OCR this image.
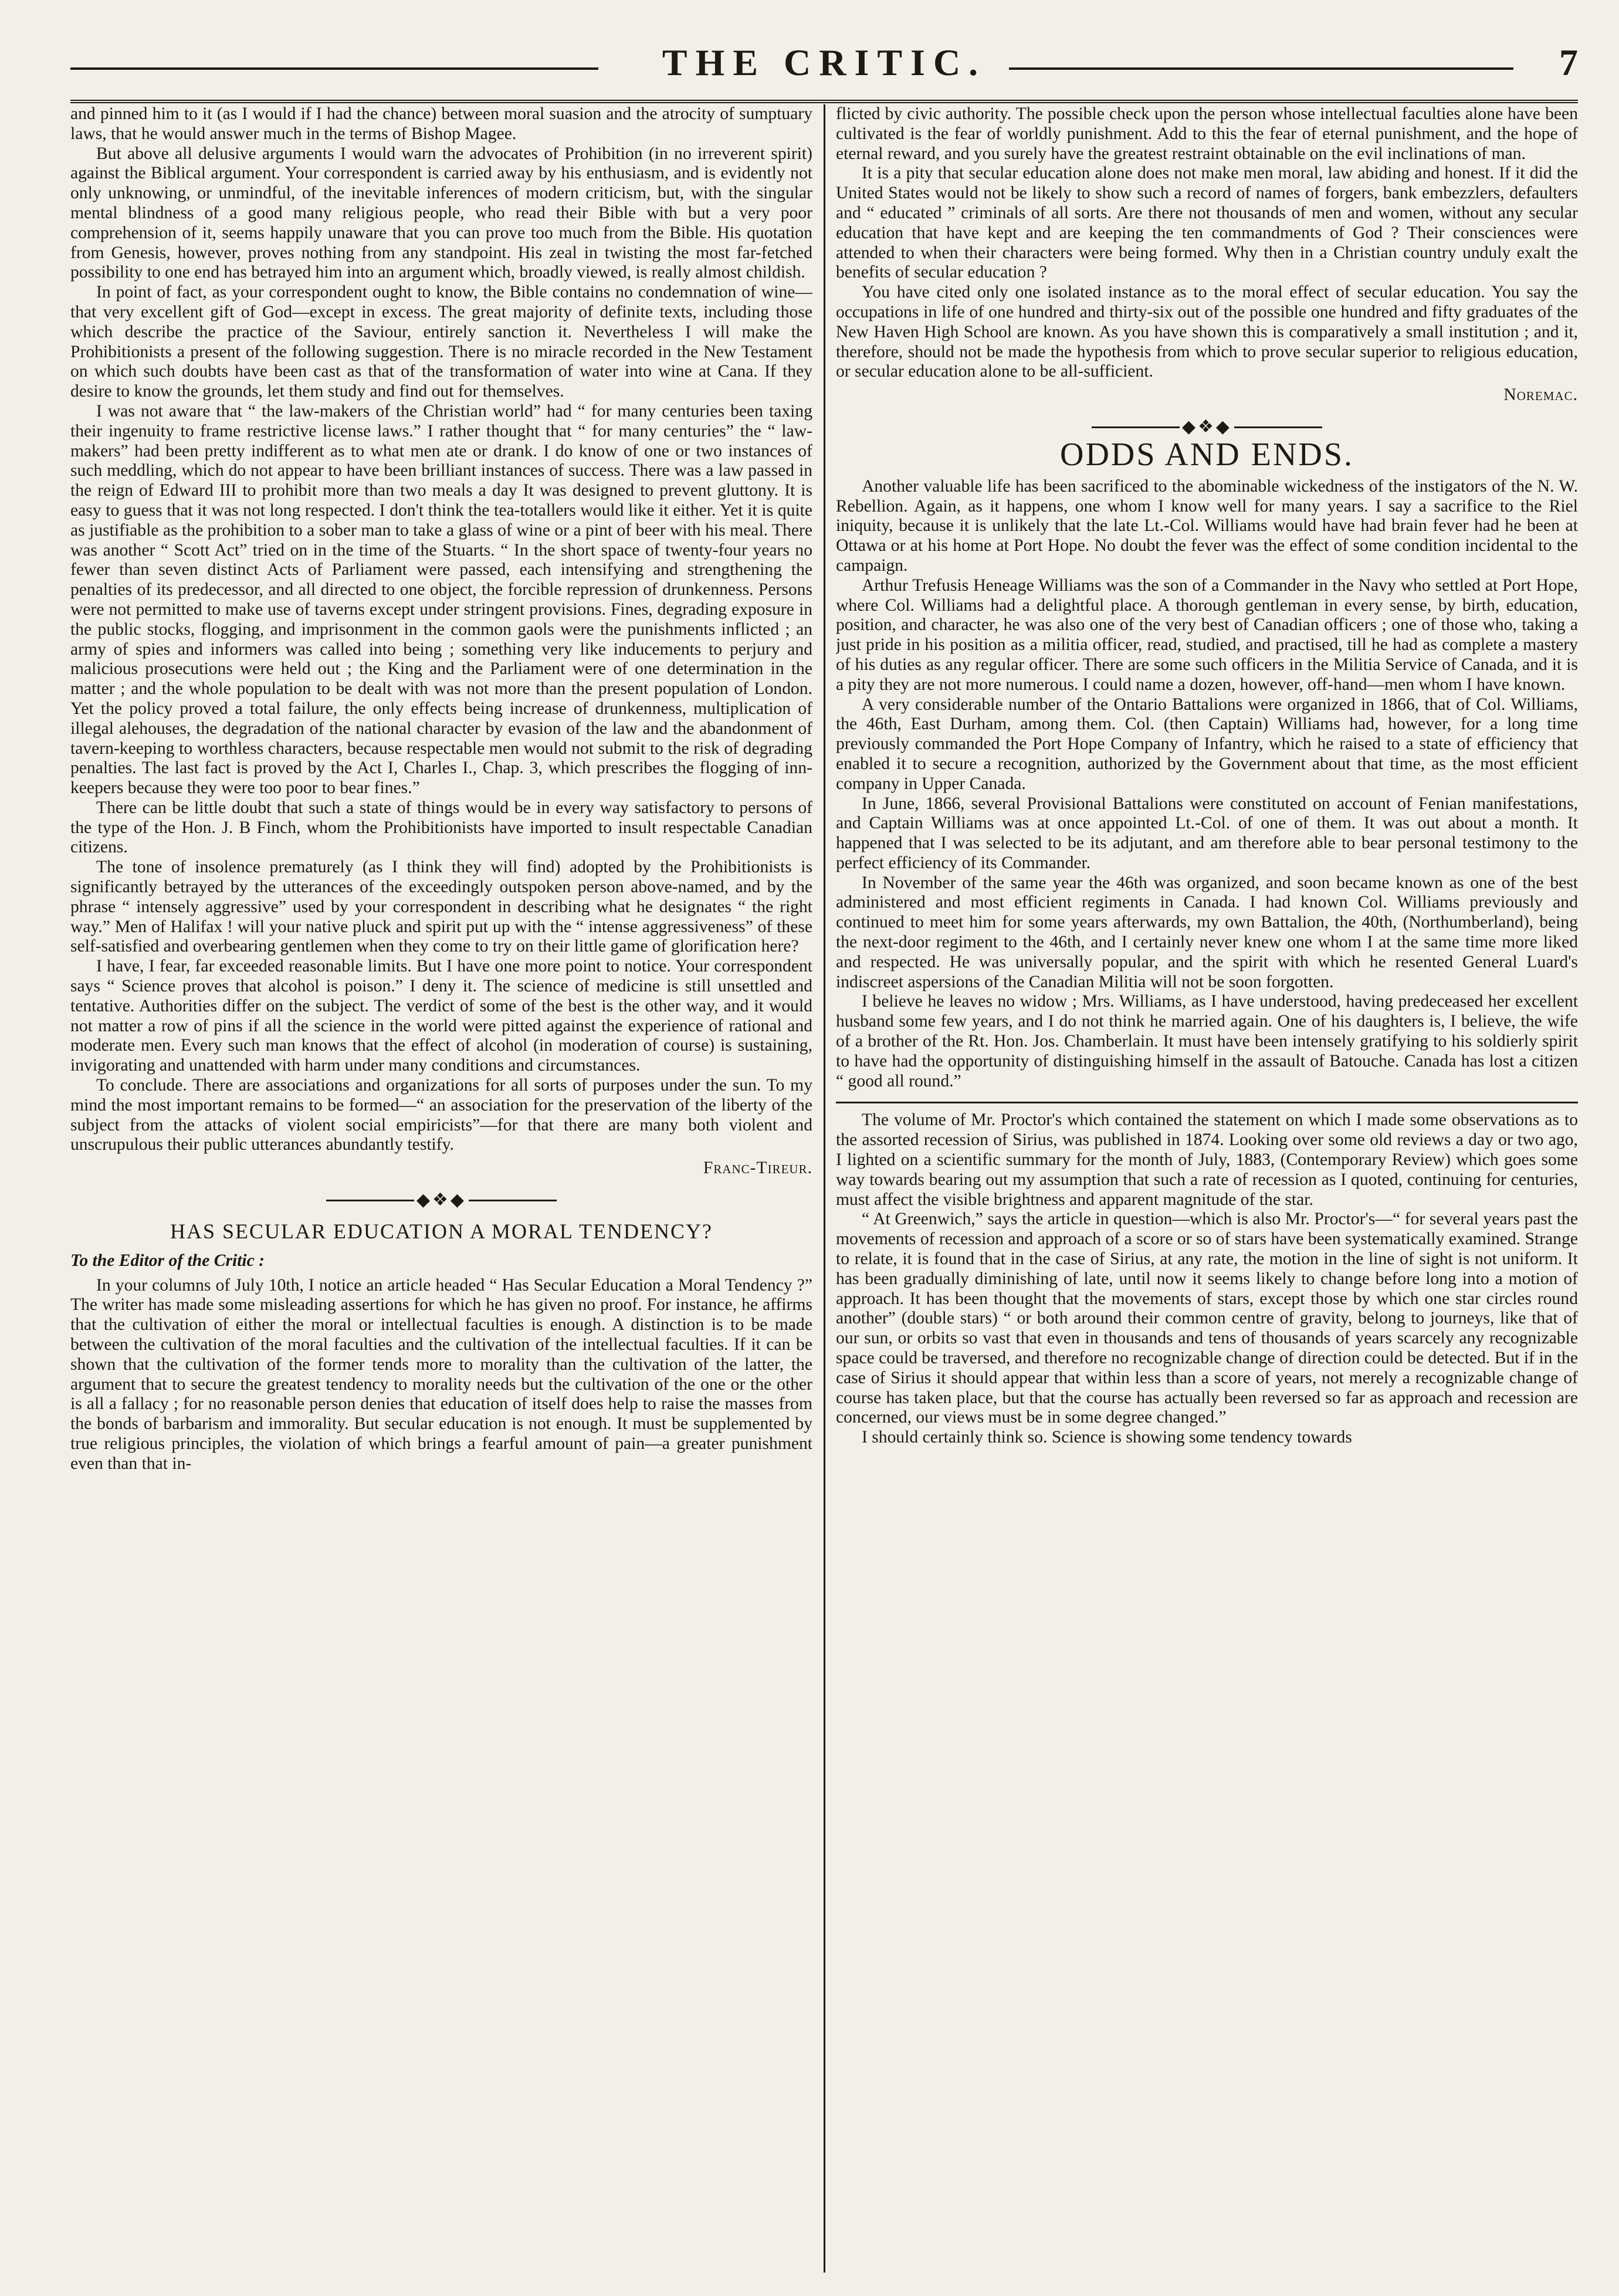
THE CRITIC.	7

and pinned him to it (as I would if I had the chance) between moral suasion and the atrocity of sumptuary laws, that he would answer much in the terms of Bishop Magee.

But above all delusive arguments I would warn the advocates of Prohibition (in no irreverent spirit) against the Biblical argument. Your correspondent is carried away by his enthusiasm, and is evidently not only unknowing, or unmindful, of the inevitable inferences of modern criticism, but, with the singular mental blindness of a good many religious people, who read their Bible with but a very poor comprehension of it, seems happily unaware that you can prove too much from the Bible. His quotation from Genesis, however, proves nothing from any standpoint. His zeal in twisting the most far-fetched possibility to one end has betrayed him into an argument which, broadly viewed, is really almost childish.

In point of fact, as your correspondent ought to know, the Bible contains no condemnation of wine—that very excellent gift of God—except in excess. The great majority of definite texts, including those which describe the practice of the Saviour, entirely sanction it. Nevertheless I will make the Prohibitionists a present of the following suggestion. There is no miracle recorded in the New Testament on which such doubts have been cast as that of the transformation of water into wine at Cana. If they desire to know the grounds, let them study and find out for themselves.

I was not aware that “ the law-makers of the Christian world” had “ for many centuries been taxing their ingenuity to frame restrictive license laws.” I rather thought that “ for many centuries” the “ law-makers” had been pretty indifferent as to what men ate or drank. I do know of one or two instances of such meddling, which do not appear to have been brilliant instances of success. There was a law passed in the reign of Edward III to prohibit more than two meals a day It was designed to prevent gluttony. It is easy to guess that it was not long respected. I don't think the tea-totallers would like it either. Yet it is quite as justifiable as the prohibition to a sober man to take a glass of wine or a pint of beer with his meal. There was another “ Scott Act” tried on in the time of the Stuarts. “ In the short space of twenty-four years no fewer than seven distinct Acts of Parliament were passed, each intensifying and strengthening the penalties of its predecessor, and all directed to one object, the forcible repression of drunkenness. Persons were not permitted to make use of taverns except under stringent provisions. Fines, degrading exposure in the public stocks, flogging, and imprisonment in the common gaols were the punishments inflicted ; an army of spies and informers was called into being ; something very like inducements to perjury and malicious prosecutions were held out ; the King and the Parliament were of one determination in the matter ; and the whole population to be dealt with was not more than the present population of London. Yet the policy proved a total failure, the only effects being increase of drunkenness, multiplication of illegal alehouses, the degradation of the national character by evasion of the law and the abandonment of tavern-keeping to worthless characters, because respectable men would not submit to the risk of degrading penalties. The last fact is proved by the Act I, Charles I., Chap. 3, which prescribes the flogging of inn-keepers because they were too poor to bear fines.”

There can be little doubt that such a state of things would be in every way satisfactory to persons of the type of the Hon. J. B Finch, whom the Prohibitionists have imported to insult respectable Canadian citizens.

The tone of insolence prematurely (as I think they will find) adopted by the Prohibitionists is significantly betrayed by the utterances of the exceedingly outspoken person above-named, and by the phrase “ intensely aggressive” used by your correspondent in describing what he designates “ the right way.” Men of Halifax ! will your native pluck and spirit put up with the “ intense aggressiveness” of these self-satisfied and overbearing gentlemen when they come to try on their little game of glorification here?

I have, I fear, far exceeded reasonable limits. But I have one more point to notice. Your correspondent says “ Science proves that alcohol is poison.” I deny it. The science of medicine is still unsettled and tentative. Authorities differ on the subject. The verdict of some of the best is the other way, and it would not matter a row of pins if all the science in the world were pitted against the experience of rational and moderate men. Every such man knows that the effect of alcohol (in moderation of course) is sustaining, invigorating and unattended with harm under many conditions and circumstances.

To conclude. There are associations and organizations for all sorts of purposes under the sun. To my mind the most important remains to be formed—“ an association for the preservation of the liberty of the subject from the attacks of violent social empiricists”—for that there are many both violent and unscrupulous their public utterances abundantly testify.

Franc-Tireur.
◆❖◆
HAS SECULAR EDUCATION A MORAL TENDENCY?
To the Editor of the Critic :

In your columns of July 10th, I notice an article headed “ Has Secular Education a Moral Tendency ?” The writer has made some misleading assertions for which he has given no proof. For instance, he affirms that the cultivation of either the moral or intellectual faculties is enough. A distinction is to be made between the cultivation of the moral faculties and the cultivation of the intellectual faculties. If it can be shown that the cultivation of the former tends more to morality than the cultivation of the latter, the argument that to secure the greatest tendency to morality needs but the cultivation of the one or the other is all a fallacy ; for no reasonable person denies that education of itself does help to raise the masses from the bonds of barbarism and immorality. But secular education is not enough. It must be supplemented by true religious principles, the violation of which brings a fearful amount of pain—a greater punishment even than that in-

flicted by civic authority. The possible check upon the person whose intellectual faculties alone have been cultivated is the fear of worldly punishment. Add to this the fear of eternal punishment, and the hope of eternal reward, and you surely have the greatest restraint obtainable on the evil inclinations of man.

It is a pity that secular education alone does not make men moral, law abiding and honest. If it did the United States would not be likely to show such a record of names of forgers, bank embezzlers, defaulters and “ educated ” criminals of all sorts. Are there not thousands of men and women, without any secular education that have kept and are keeping the ten commandments of God ? Their consciences were attended to when their characters were being formed. Why then in a Christian country unduly exalt the benefits of secular education ?

You have cited only one isolated instance as to the moral effect of secular education. You say the occupations in life of one hundred and thirty-six out of the possible one hundred and fifty graduates of the New Haven High School are known. As you have shown this is comparatively a small institution ; and it, therefore, should not be made the hypothesis from which to prove secular superior to religious education, or secular education alone to be all-sufficient.

Noremac.
◆❖◆
ODDS AND ENDS.

Another valuable life has been sacrificed to the abominable wickedness of the instigators of the N. W. Rebellion. Again, as it happens, one whom I know well for many years. I say a sacrifice to the Riel iniquity, because it is unlikely that the late Lt.-Col. Williams would have had brain fever had he been at Ottawa or at his home at Port Hope. No doubt the fever was the effect of some condition incidental to the campaign.

Arthur Trefusis Heneage Williams was the son of a Commander in the Navy who settled at Port Hope, where Col. Williams had a delightful place. A thorough gentleman in every sense, by birth, education, position, and character, he was also one of the very best of Canadian officers ; one of those who, taking a just pride in his position as a militia officer, read, studied, and practised, till he had as complete a mastery of his duties as any regular officer. There are some such officers in the Militia Service of Canada, and it is a pity they are not more numerous. I could name a dozen, however, off-hand—men whom I have known.

A very considerable number of the Ontario Battalions were organized in 1866, that of Col. Williams, the 46th, East Durham, among them. Col. (then Captain) Williams had, however, for a long time previously commanded the Port Hope Company of Infantry, which he raised to a state of efficiency that enabled it to secure a recognition, authorized by the Government about that time, as the most efficient company in Upper Canada.

In June, 1866, several Provisional Battalions were constituted on account of Fenian manifestations, and Captain Williams was at once appointed Lt.-Col. of one of them. It was out about a month. It happened that I was selected to be its adjutant, and am therefore able to bear personal testimony to the perfect efficiency of its Commander.

In November of the same year the 46th was organized, and soon became known as one of the best administered and most efficient regiments in Canada. I had known Col. Williams previously and continued to meet him for some years afterwards, my own Battalion, the 40th, (Northumberland), being the next-door regiment to the 46th, and I certainly never knew one whom I at the same time more liked and respected. He was universally popular, and the spirit with which he resented General Luard's indiscreet aspersions of the Canadian Militia will not be soon forgotten.

I believe he leaves no widow ; Mrs. Williams, as I have understood, having predeceased her excellent husband some few years, and I do not think he married again. One of his daughters is, I believe, the wife of a brother of the Rt. Hon. Jos. Chamberlain. It must have been intensely gratifying to his soldierly spirit to have had the opportunity of distinguishing himself in the assault of Batouche. Canada has lost a citizen “ good all round.”

The volume of Mr. Proctor's which contained the statement on which I made some observations as to the assorted recession of Sirius, was published in 1874. Looking over some old reviews a day or two ago, I lighted on a scientific summary for the month of July, 1883, (Contemporary Review) which goes some way towards bearing out my assumption that such a rate of recession as I quoted, continuing for centuries, must affect the visible brightness and apparent magnitude of the star.

“ At Greenwich,” says the article in question—which is also Mr. Proctor's—“ for several years past the movements of recession and approach of a score or so of stars have been systematically examined. Strange to relate, it is found that in the case of Sirius, at any rate, the motion in the line of sight is not uniform. It has been gradually diminishing of late, until now it seems likely to change before long into a motion of approach. It has been thought that the movements of stars, except those by which one star circles round another” (double stars) “ or both around their common centre of gravity, belong to journeys, like that of our sun, or orbits so vast that even in thousands and tens of thousands of years scarcely any recognizable space could be traversed, and therefore no recognizable change of direction could be detected. But if in the case of Sirius it should appear that within less than a score of years, not merely a recognizable change of course has taken place, but that the course has actually been reversed so far as approach and recession are concerned, our views must be in some degree changed.”

I should certainly think so. Science is showing some tendency towards
